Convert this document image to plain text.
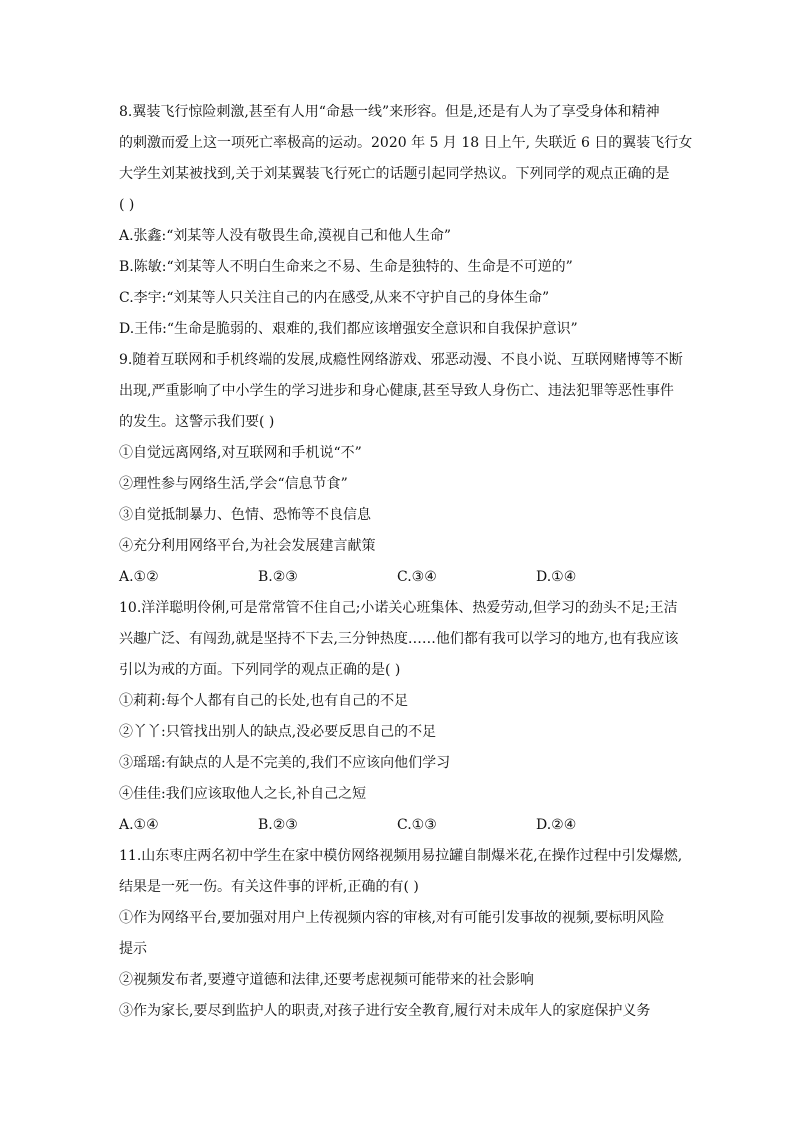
8.翼装飞行惊险刺激,甚至有人用“命悬一线”来形容。但是,还是有人为了享受身体和精神
的刺激而爱上这一项死亡率极高的运动。2020 年 5 月 18 日上午, 失联近 6 日的翼装飞行女
大学生刘某被找到,关于刘某翼装飞行死亡的话题引起同学热议。下列同学的观点正确的是
( )
A.张鑫:“刘某等人没有敬畏生命,漠视自己和他人生命”
B.陈敏:“刘某等人不明白生命来之不易、生命是独特的、生命是不可逆的”
C.李宇:“刘某等人只关注自己的内在感受,从来不守护自己的身体生命”
D.王伟:“生命是脆弱的、艰难的,我们都应该增强安全意识和自我保护意识”
9.随着互联网和手机终端的发展,成瘾性网络游戏、邪恶动漫、不良小说、互联网赌博等不断
出现,严重影响了中小学生的学习进步和身心健康,甚至导致人身伤亡、违法犯罪等恶性事件
的发生。这警示我们要( )
①自觉远离网络,对互联网和手机说“不”
②理性参与网络生活,学会“信息节食”
③自觉抵制暴力、色情、恐怖等不良信息
④充分利用网络平台,为社会发展建言献策
A.①②	B.②③	C.③④	D.①④
10.洋洋聪明伶俐,可是常常管不住自己;小诺关心班集体、热爱劳动,但学习的劲头不足;王洁
兴趣广泛、有闯劲,就是坚持不下去,三分钟热度……他们都有我可以学习的地方,也有我应该
引以为戒的方面。下列同学的观点正确的是( )
①莉莉:每个人都有自己的长处,也有自己的不足
②丫丫:只管找出别人的缺点,没必要反思自己的不足
③瑶瑶:有缺点的人是不完美的,我们不应该向他们学习
④佳佳:我们应该取他人之长,补自己之短
A.①④	B.②③	C.①③	D.②④
11.山东枣庄两名初中学生在家中模仿网络视频用易拉罐自制爆米花,在操作过程中引发爆燃,
结果是一死一伤。有关这件事的评析,正确的有( )
①作为网络平台,要加强对用户上传视频内容的审核,对有可能引发事故的视频,要标明风险
提示
②视频发布者,要遵守道德和法律,还要考虑视频可能带来的社会影响
③作为家长,要尽到监护人的职责,对孩子进行安全教育,履行对未成年人的家庭保护义务
